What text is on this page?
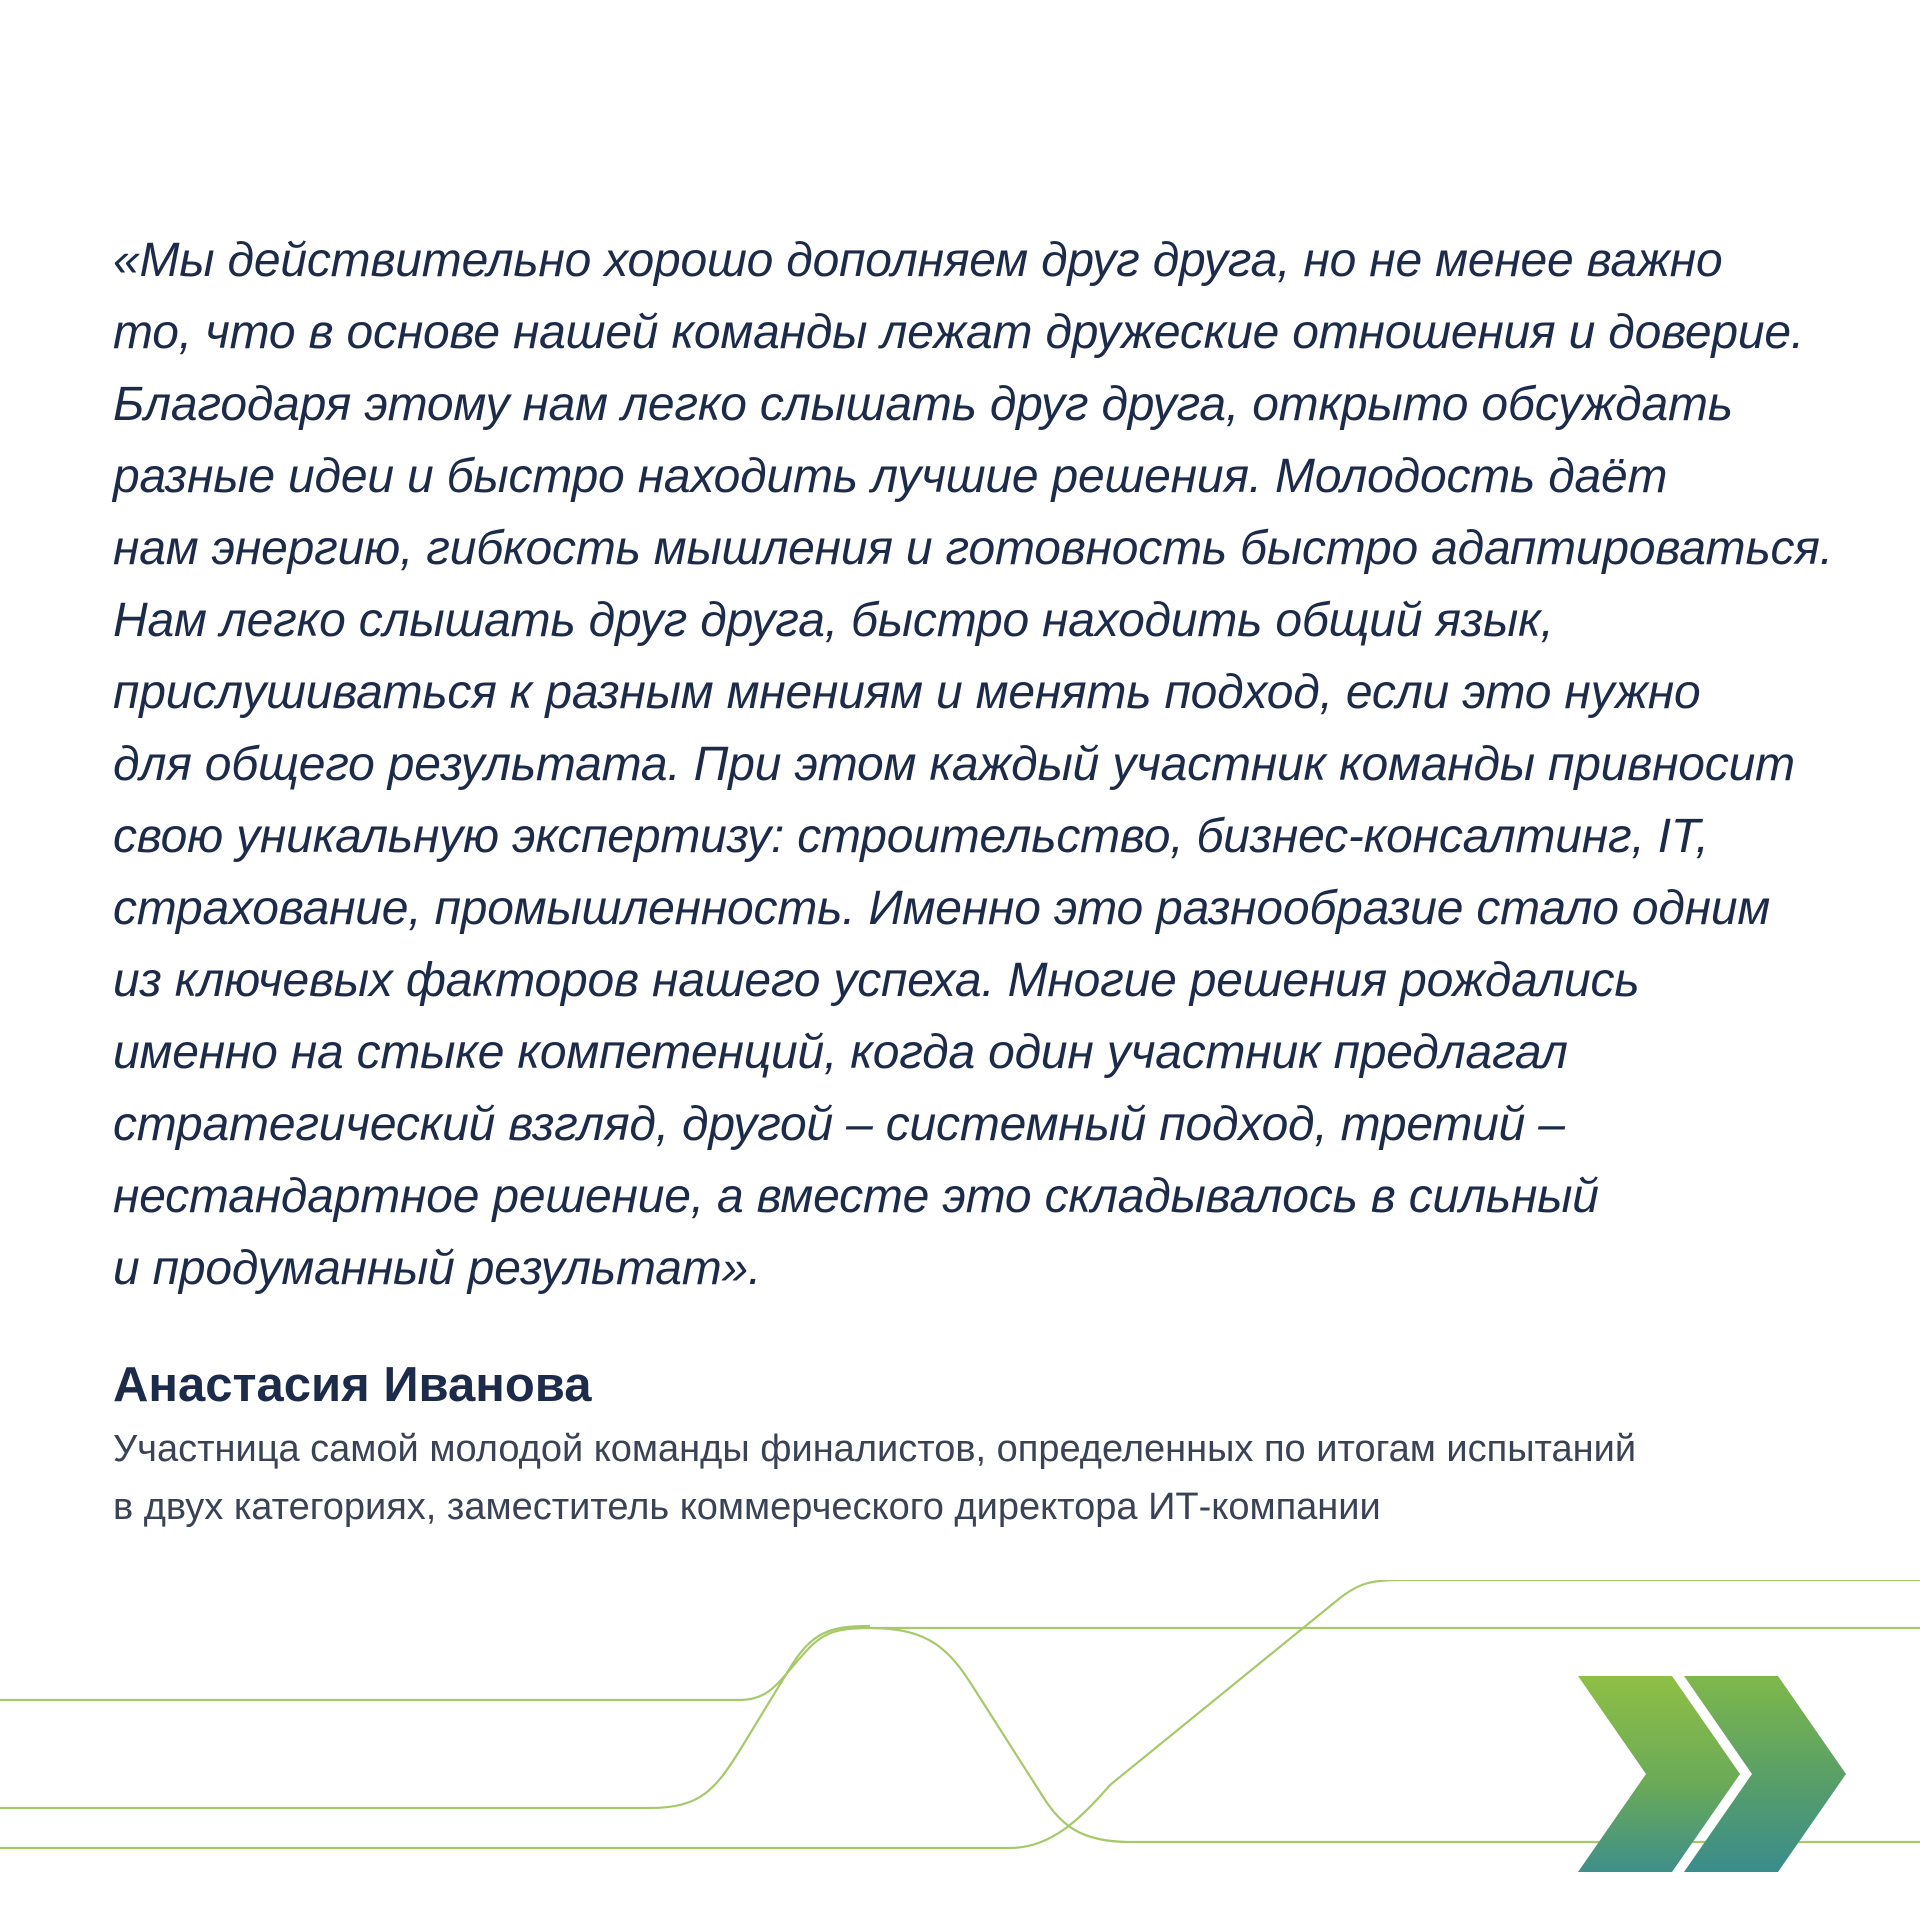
«Мы действительно хорошо дополняем друг друга, но не менее важно
то, что в основе нашей команды лежат дружеские отношения и доверие.
Благодаря этому нам легко слышать друг друга, открыто обсуждать
разные идеи и быстро находить лучшие решения. Молодость даёт
нам энергию, гибкость мышления и готовность быстро адаптироваться.
Нам легко слышать друг друга, быстро находить общий язык,
прислушиваться к разным мнениям и менять подход, если это нужно
для общего результата. При этом каждый участник команды привносит
свою уникальную экспертизу: строительство, бизнес-консалтинг, IT,
страхование, промышленность. Именно это разнообразие стало одним
из ключевых факторов нашего успеха. Многие решения рождались
именно на стыке компетенций, когда один участник предлагал
стратегический взгляд, другой – системный подход, третий –
нестандартное решение, а вместе это складывалось в сильный
и продуманный результат».
Анастасия Иванова
Участница самой молодой команды финалистов, определенных по итогам испытаний
в двух категориях, заместитель коммерческого директора ИТ-компании
